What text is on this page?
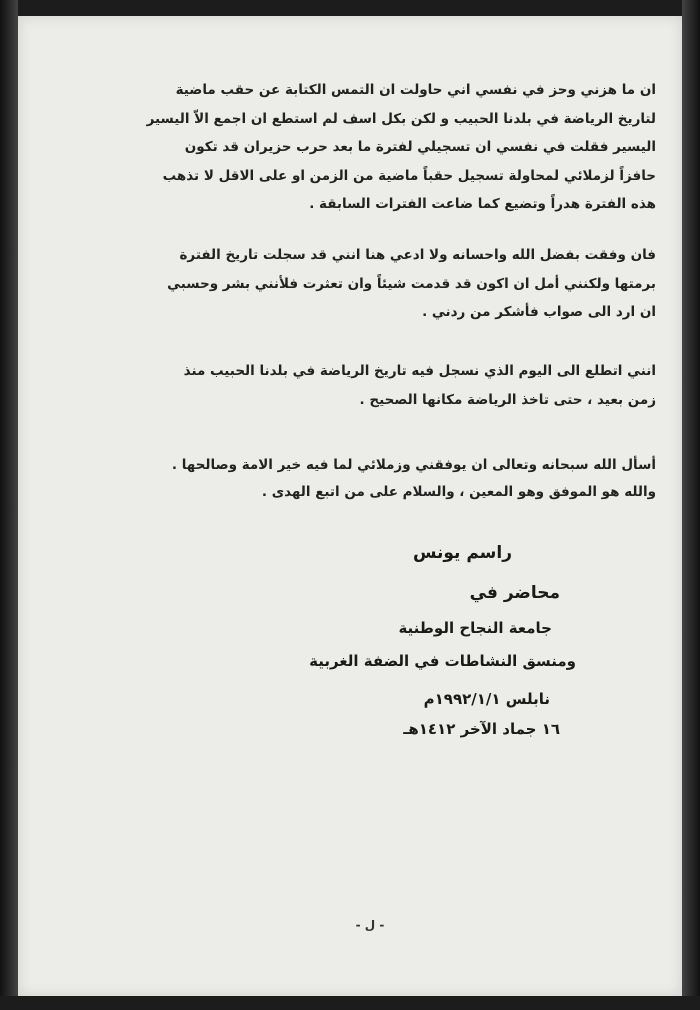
ان ما هزني وحز في نفسي اني حاولت ان التمس الكتابة عن حقب ماضية
لتاريخ الرياضة في بلدنا الحبيب و لكن بكل اسف لم استطع ان اجمع الاّ اليسير
اليسير فقلت في نفسي ان تسجيلي لفترة ما بعد حرب حزيران قد تكون
حافزاً لزملائي لمحاولة تسجيل حقباً ماضية من الزمن او على الاقل لا تذهب
هذه الفترة هدراً وتضيع كما ضاعت الفترات السابقة .
فان وفقت بفضل الله واحسانه ولا ادعي هنا انني قد سجلت تاريخ الفترة
برمتها ولكنني أمل ان اكون قد قدمت شيئاً وان تعثرت فلأنني بشر وحسبي
ان ارد الى صواب فأشكر من ردني .
انني اتطلع الى اليوم الذي نسجل فيه تاريخ الرياضة في بلدنا الحبيب منذ
زمن بعيد ، حتى تاخذ الرياضة مكانها الصحيح .
أسأل الله سبحانه وتعالى ان يوفقني وزملائي لما فيه خير الامة وصالحها .
والله هو الموفق وهو المعين ، والسلام على من اتبع الهدى .
راسم يونس
محاضر في
جامعة النجاح الوطنية
ومنسق النشاطات في الضفة الغربية
نابلس ١٩٩٢/١/١م
١٦ جماد الآخر ١٤١٢هـ
- ل -
